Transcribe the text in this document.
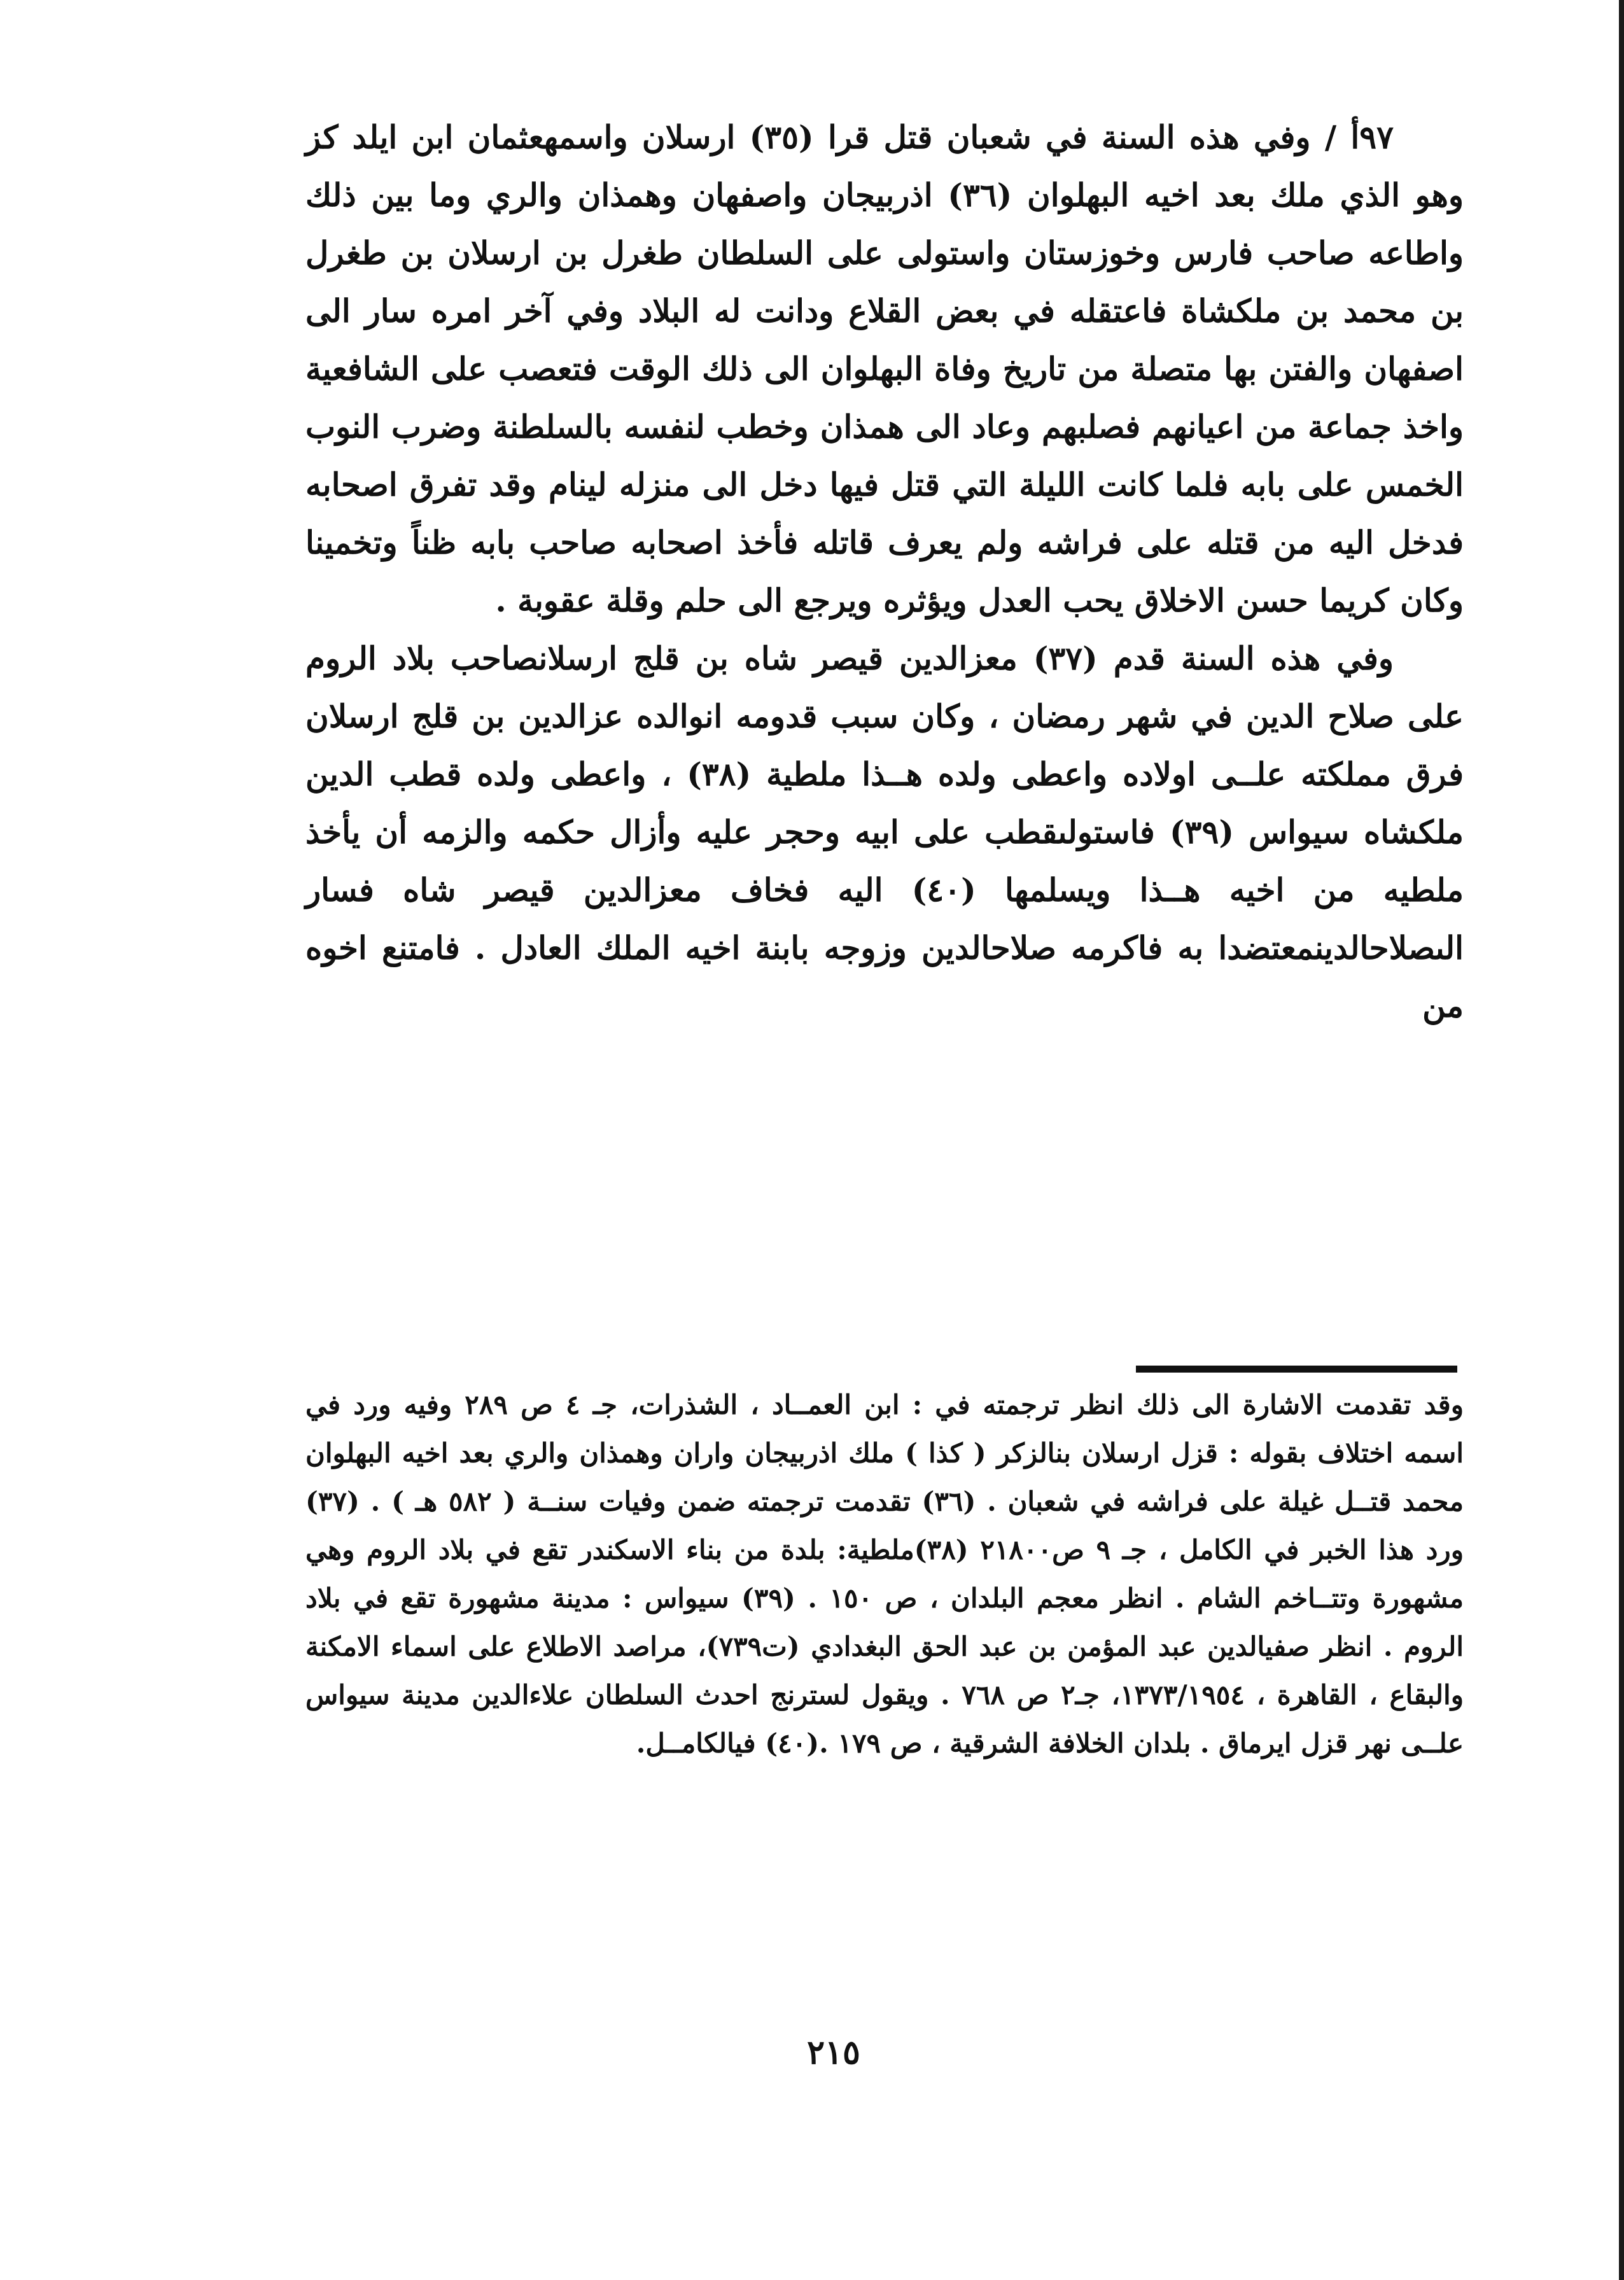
٩٧أ / وفي هذه السنة في شعبان قتل قرا (٣٥) ارسلان واسمهعثمان ابن ايلد كز وهو الذي ملك بعد اخيه البهلوان (٣٦) اذربيجان واصفهان وهمذان والري وما بين ذلك واطاعه صاحب فارس وخوزستان واستولى على السلطان طغرل بن ارسلان بن طغرل بن محمد بن ملكشاة فاعتقله في بعض القلاع ودانت له البلاد وفي آخر امره سار الى اصفهان والفتن بها متصلة من تاريخ وفاة البهلوان الى ذلك الوقت فتعصب على الشافعية واخذ جماعة من اعيانهم فصلبهم وعاد الى همذان وخطب لنفسه بالسلطنة وضرب النوب الخمس على بابه فلما كانت الليلة التي قتل فيها دخل الى منزله لينام وقد تفرق اصحابه فدخل اليه من قتله على فراشه ولم يعرف قاتله فأخذ اصحابه صاحب بابه ظناً وتخمينا وكان كريما حسن الاخلاق يحب العدل ويؤثره ويرجع الى حلم وقلة عقوبة .

وفي هذه السنة قدم (٣٧) معزالدين قيصر شاه بن قلج ارسلانصاحب بلاد الروم على صلاح الدين في شهر رمضان ، وكان سبب قدومه انوالده عزالدين بن قلج ارسلان فرق مملكته علــى اولاده واعطى ولده هــذا ملطية (٣٨) ، واعطى ولده قطب الدين ملكشاه سيواس (٣٩) فاستولىقطب على ابيه وحجر عليه وأزال حكمه والزمه أن يأخذ ملطيه من اخيه هــذا ويسلمها (٤٠) اليه فخاف معزالدين قيصر شاه فسار الىصلاحالدينمعتضدا به فاكرمه صلاحالدين وزوجه بابنة اخيه الملك العادل . فامتنع اخوه من

وقد تقدمت الاشارة الى ذلك انظر ترجمته في : ابن العمــاد ، الشذرات، جـ ٤ ص ٢٨٩ وفيه ورد في اسمه اختلاف بقوله : قزل ارسلان بنالزكر ( كذا ) ملك اذربيجان واران وهمذان والري بعد اخيه البهلوان محمد قتــل غيلة على فراشه في شعبان . (٣٦) تقدمت ترجمته ضمن وفيات سنــة ( ٥٨٢ هـ ) . (٣٧) ورد هذا الخبر في الكامل ، جـ ٩ ص٢١٨٠٠ (٣٨)ملطية: بلدة من بناء الاسكندر تقع في بلاد الروم وهي مشهورة وتتــاخم الشام . انظر معجم البلدان ، ص ١٥٠ . (٣٩) سيواس : مدينة مشهورة تقع في بلاد الروم . انظر صفيالدين عبد المؤمن بن عبد الحق البغدادي (ت٧٣٩)، مراصد الاطلاع على اسماء الامكنة والبقاع ، القاهرة ، ١٣٧٣/١٩٥٤، جـ٢ ص ٧٦٨ . ويقول لسترنج احدث السلطان علاءالدين مدينة سيواس علــى نهر قزل ايرماق . بلدان الخلافة الشرقية ، ص ١٧٩ .(٤٠) فيالكامــل.
٢١٥
